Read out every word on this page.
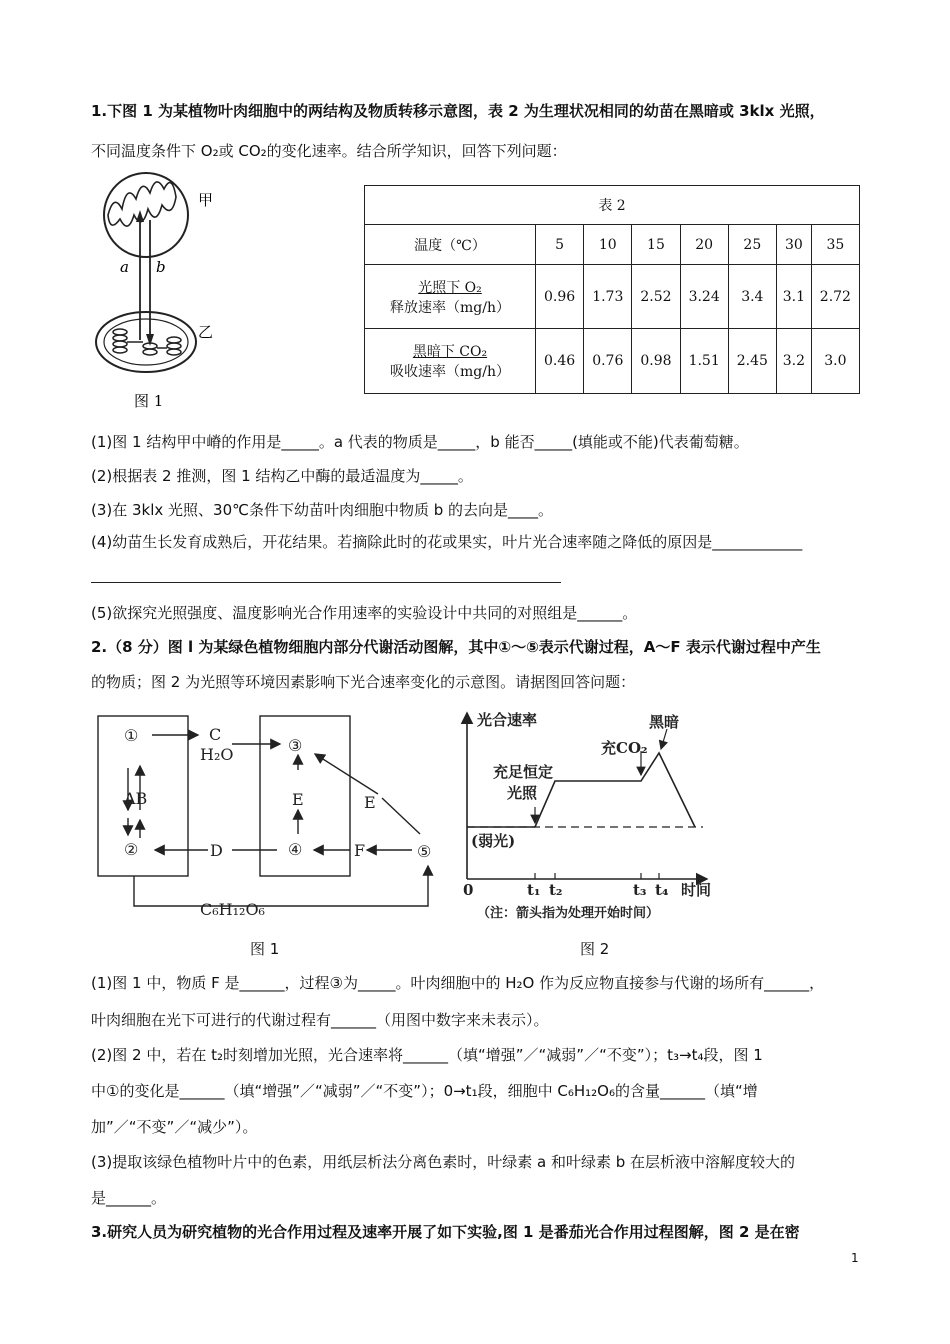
1.下图 1 为某植物叶肉细胞中的两结构及物质转移示意图，表 2 为生理状况相同的幼苗在黑暗或 3klx 光照，
不同温度条件下 O₂或 CO₂的变化速率。结合所学知识，回答下列问题：
甲
乙
a b
图 1
表 2							
温度（℃）	5	10	15	20	25	30	35

光照下 O₂
释放速率（mg/h）	0.96	1.73	2.52	3.24	3.4	3.1	2.72

黑暗下 CO₂
吸收速率（mg/h）	0.46	0.76	0.98	1.51	2.45	3.2	3.0
(1)图 1 结构甲中嵴的作用是_____。a 代表的物质是_____，b 能否_____(填能或不能)代表葡萄糖。
(2)根据表 2 推测，图 1 结构乙中酶的最适温度为_____。
(3)在 3klx 光照、30℃条件下幼苗叶肉细胞中物质 b 的去向是____。
(4)幼苗生长发育成熟后，开花结果。若摘除此时的花或果实，叶片光合速率随之降低的原因是____________
(5)欲探究光照强度、温度影响光合作用速率的实验设计中共同的对照组是______。
2.（8 分）图 l 为某绿色植物细胞内部分代谢活动图解，其中①～⑤表示代谢过程，A～F 表示代谢过程中产生
的物质；图 2 为光照等环境因素影响下光合速率变化的示意图。请据图回答问题：
①
②
③
④	⑤
C
H₂O
AB	E	E
D	F
C₆H₁₂O₆
图 1
光合速率	黑暗
充CO₂
充足恒定
光照
(弱光)
0	t₁ t₂	t₃ t₄ 时间
（注：箭头指为处理开始时间）
图 2
(1)图 1 中，物质 F 是______，过程③为_____。叶肉细胞中的 H₂O 作为反应物直接参与代谢的场所有______，
叶肉细胞在光下可进行的代谢过程有______（用图中数字来未表示）。
(2)图 2 中，若在 t₂时刻增加光照，光合速率将______（填“增强”／“减弱”／“不变”）；t₃→t₄段，图 1
中①的变化是______（填“增强”／“减弱”／“不变”）；0→t₁段，细胞中 C₆H₁₂O₆的含量______（填“增
加”／“不变”／“减少”）。
(3)提取该绿色植物叶片中的色素，用纸层析法分离色素时，叶绿素 a 和叶绿素 b 在层析液中溶解度较大的
是______。
3.研究人员为研究植物的光合作用过程及速率开展了如下实验,图 1 是番茄光合作用过程图解，图 2 是在密
1
